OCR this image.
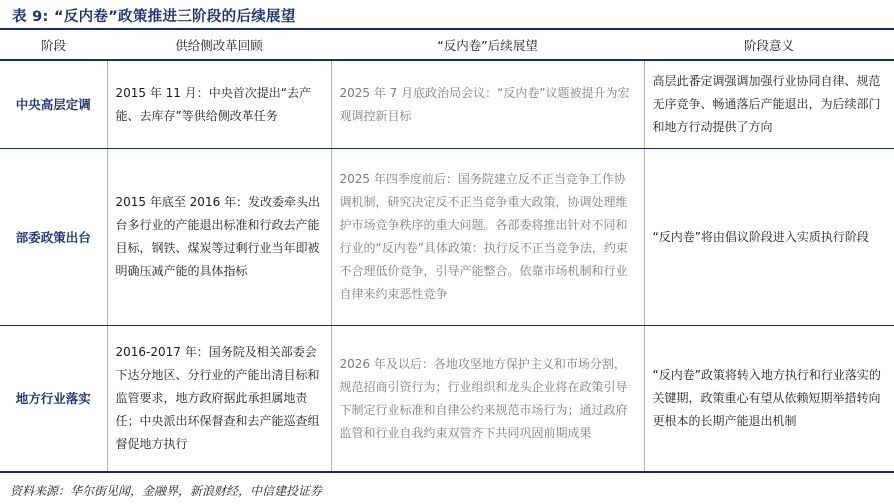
表 9: “反内卷”政策推进三阶段的后续展望
阶段	供给侧改革回顾	“反内卷”后续展望	阶段意义
中央高层定调	2015 年 11 月：中央首次提出“去产能、去库存”等供给侧改革任务	2025 年 7 月底政治局会议：“反内卷”议题被提升为宏观调控新目标	高层此番定调强调加强行业协同自律、规范无序竞争、畅通落后产能退出，为后续部门和地方行动提供了方向
部委政策出台	2015 年底至 2016 年：发改委牵头出台多行业的产能退出标准和行政去产能目标，钢铁、煤炭等过剩行业当年即被明确压减产能的具体指标	2025 年四季度前后：国务院建立反不正当竞争工作协调机制，研究决定反不正当竞争重大政策，协调处理维护市场竞争秩序的重大问题。各部委将推出针对不同和行业的“反内卷”具体政策：执行反不正当竞争法，约束不合理低价竞争，引导产能整合。依靠市场机制和行业自律来约束恶性竞争	“反内卷”将由倡议阶段进入实质执行阶段
地方行业落实	2016-2017 年：国务院及相关部委会下达分地区、分行业的产能出清目标和监管要求，地方政府据此承担属地责任；中央派出环保督查和去产能巡查组督促地方执行	2026 年及以后：各地攻坚地方保护主义和市场分割，规范招商引资行为；行业组织和龙头企业将在政策引导下制定行业标准和自律公约来规范市场行为；通过政府监管和行业自我约束双管齐下共同巩固前期成果	“反内卷”政策将转入地方执行和行业落实的关键期，政策重心有望从依赖短期举措转向更根本的长期产能退出机制
资料来源：华尔街见闻，金融界，新浪财经，中信建投证券
